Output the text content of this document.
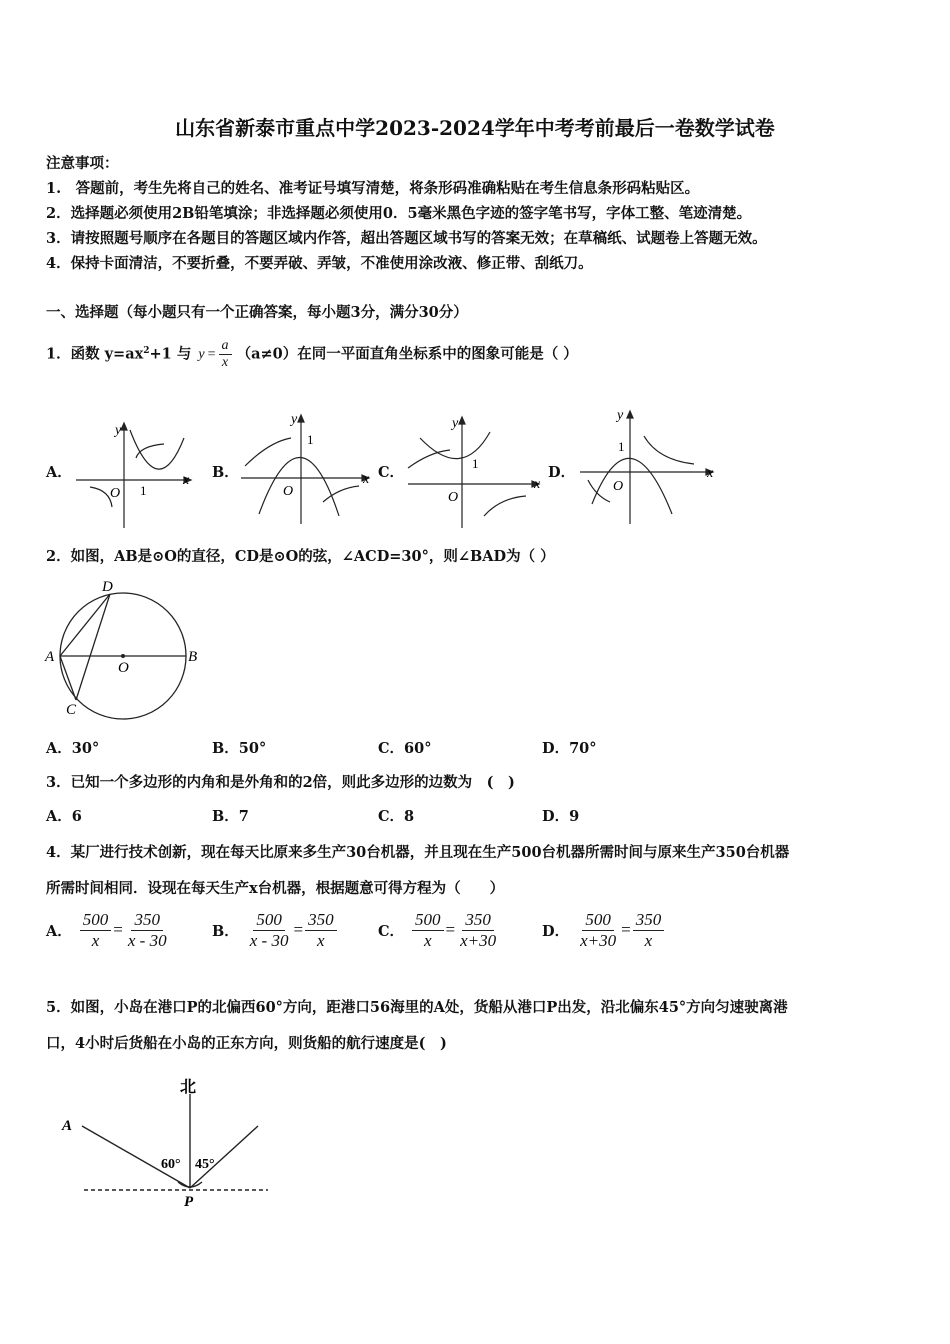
山东省新泰市重点中学2023-2024学年中考考前最后一卷数学试卷
注意事项：
1.　答题前，考生先将自己的姓名、准考证号填写清楚，将条形码准确粘贴在考生信息条形码粘贴区。
2．选择题必须使用2B铅笔填涂；非选择题必须使用0．5毫米黑色字迹的签字笔书写，字体工整、笔迹清楚。
3．请按照题号顺序在各题目的答题区域内作答，超出答题区域书写的答案无效；在草稿纸、试题卷上答题无效。
4．保持卡面清洁，不要折叠，不要弄破、弄皱，不准使用涂改液、修正带、刮纸刀。
一、选择题（每小题只有一个正确答案，每小题3分，满分30分）
1．函数 $y=ax^2+1$ 与 $y = \frac{a}{x} (a\ne 0)$在同一平面直角坐标系中的图象可能是（ ）
A．	x
y
O 1
B．	x
y
O
1
C．
x
y
O
1
D．	x
y
O
1
2．如图，AB是⊙O的直径，CD是⊙O的弦，∠ACD=30°，则∠BAD为（ ）
A	B
C
D
O
A．30°	B．50°	C．60°	D．70°
3．已知一个多边形的内角和是外角和的2倍，则此多边形的边数为　(　)
A．6	B．7	C．8	D．9
4．某厂进行技术创新，现在每天比原来多生产30台机器，并且现在生产500台机器所需时间与原来生产350台机器
所需时间相同．设现在每天生产x台机器，根据题意可得方程为（　　）
A． $\frac{500}{x} = \frac{350}{x - 30}$	B． $\frac{500}{x - 30} = \frac{350}{x}$	C． $\frac{500}{x} = \frac{350}{x+30}$	D． $\frac{500}{x+30} = \frac{350}{x}$
5．如图，小岛在港口P的北偏西60°方向，距港口56海里的A处，货船从港口P出发，沿北偏东45°方向匀速驶离港
口，4小时后货船在小岛的正东方向，则货船的航行速度是(　)
北
A
P
60° 45°
